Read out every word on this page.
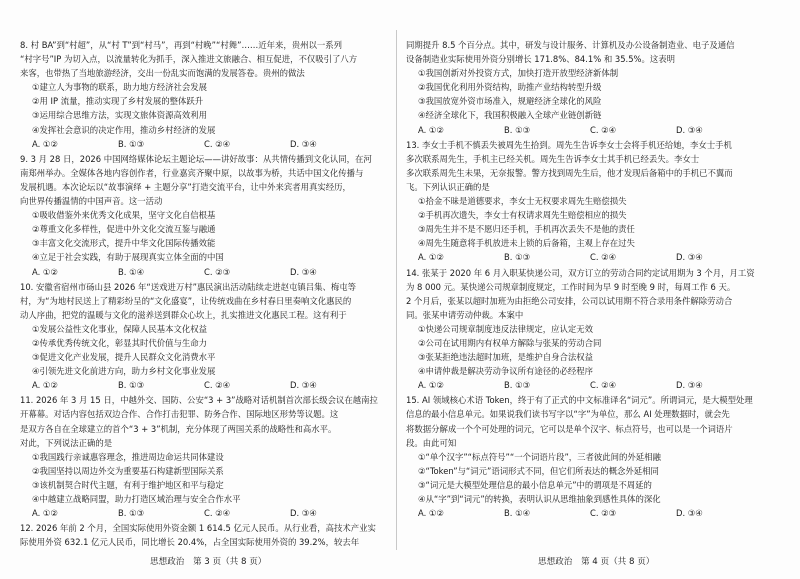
8. 村 BA”到“村超”，从“村 T”到“村马”，再到“村晚”“村舞”……近年来，贵州以一系列
“村字号”IP 为切入点，以流量转化为抓手，深入推进文旅融合、相互促进，不仅吸引了八方
来客，也带热了当地旅游经济，交出一份乱实而饱满的发展答卷。贵州的做法
①建立人为事物的联系，助力地方经济社会发展
②用 IP 流量，推动实现了乡村发展的整体跃升
③运用综合思维方法，实现文旅体资源高效利用
④发挥社会意识的决定作用，推动乡村经济的发展
A. ①②	B. ①③	C. ②④	D. ③④
9. 3 月 28 日，2026 中国网络媒体论坛主题论坛——讲好故事：从共情传播到文化认同，在河
南郑州举办。全媒体各地内容创作者，行业嘉宾齐聚中原，以故事为桥，共话中国文化传播与
发展机遇。本次论坛以“故事演绎 + 主题分享”打造交流平台，让中外来宾者用真实经历，
向世界传播温情的中国声音。这一活动
①吸收借鉴外来优秀文化成果，坚守文化自信根基
②尊重文化多样性，促进中外文化交流互鉴与融通
③丰富文化交流形式，提升中华文化国际传播效能
④立足于社会实践，有助于展现真实立体全面的中国
A. ①②	B. ①④	C. ②③	D. ③④
10. 安徽省宿州市砀山县 2026 年“送戏进万村”惠民演出活动陆续走进赵屯镇吕集、梅屯等
村，为“为地村民送上了精彩纷呈的“文化盛宴”，让传统戏曲在乡村春日里奏响文化惠民的
动人序曲，把党的温暖与文化的滋养送到群众心坎上，扎实推进文化惠民工程。这有利于
①发展公益性文化事业，保障人民基本文化权益
②传承优秀传统文化，彰显其时代价值与生命力
③促进文化产业发展，提升人民群众文化消费水平
④引领先进文化前进方向，助力乡村文化事业发展
A. ①②	B. ①③	C. ②④	D. ③④
11. 2026 年 3 月 15 日，中越外交、国防、公安“3 + 3”战略对话机制首次部长级会议在越南拉
开幕幕。对话内容包括双边合作、合作打击犯罪、防务合作、国际地区形势等议题。这
是双方各自在全球建立的首个“3 + 3”机制，充分体现了两国关系的战略性和高水平。
对此，下列说法正确的是
①我国践行亲诚惠容理念，推进周边命运共同体建设
②我国坚持以周边外交为重要基石构建新型国际关系
③该机制契合时代主题，有利于维护地区和平与稳定
④中越建立战略同盟，助力打造区域治理与安全合作水平
A. ①②	B. ①③	C. ②④	D. ③④
12. 2026 年前 2 个月，全国实际使用外资金额 1 614.5 亿元人民币。从行业看，高技术产业实
际使用外资 632.1 亿元人民币，同比增长 20.4%，占全国实际使用外资的 39.2%，较去年
同期提升 8.5 个百分点。其中，研发与设计服务、计算机及办公设备制造业、电子及通信
设备制造业实际使用外资分别增长 171.8%、84.1% 和 35.5%。这表明
①我国创新对外投资方式，加快打造开放型经济新体制
②我国优化利用外资结构，助推产业结构转型升级
③我国放宽外资市场准入，规避经济全球化的风险
④经济全球化下，我国积极融入全球产业链创新链
A. ①②	B. ①③	C. ②④	D. ③④
13. 李女士手机不慎丢失被周先生拾到。周先生告诉李女士会将手机还给她，李女士手机
多次联系周先生，手机主已经关机。周先生告诉李女士其手机已经丢失。李女士
多次联系周先生未果，无奈报警。警方找到周先生后，他才发现后备箱中的手机已不翼而
飞。下列认识正确的是
①拾金不昧是道德要求，李女士无权要求周先生赔偿损失
②手机再次遗失，李女士有权请求周先生赔偿相应的损失
③周先生并不是不愿归还手机，手机再次丢失不是他的责任
④周先生随意将手机放进未上锁的后备箱，主观上存在过失
A. ①②	B. ①③	C. ②④	D. ③④
14. 张某于 2020 年 6 月入职某快递公司，双方订立的劳动合同约定试用期为 3 个月，月工资
为 8 000 元。某快递公司规章制度规定，工作时间为早 9 时至晚 9 时，每周工作 6 天。
2 个月后，张某以超时加班为由拒绝公司安排，公司以试用期不符合录用条件解除劳动合
同。张某申请劳动仲裁。本案中
①快递公司规章制度违反法律规定，应认定无效
②公司在试用期内有权单方解除与张某的劳动合同
③张某拒绝违法超时加班，是维护自身合法权益
④申请仲裁是解决劳动争议所有途径的必经程序
A. ①②	B. ①③	C. ②④	D. ③④
15. AI 领域核心术语 Token，终于有了正式的中文标准译名“词元”。所谓词元，是大模型处理
信息的最小信息单元。如果说我们读书写字以“字”为单位，那么 AI 处理数据时，就会先
将数据分解成一个个可处理的词元，它可以是单个汉字、标点符号，也可以是一个词语片
段。由此可知
①“单个汉字”“标点符号”“一个词语片段”，三者彼此间的外延相融
②“Token”与“词元”语词形式不同，但它们所表达的概念外延相同
③“词元是大模型处理信息的最小信息单元”中的谓项是不周延的
④从“字”到“词元”的转换，表明认识从思维抽象到感性具体的深化
A. ①②	B. ①④	C. ②③	D. ③④
思想政治　第 3 页（共 8 页）	思想政治　第 4 页（共 8 页）
